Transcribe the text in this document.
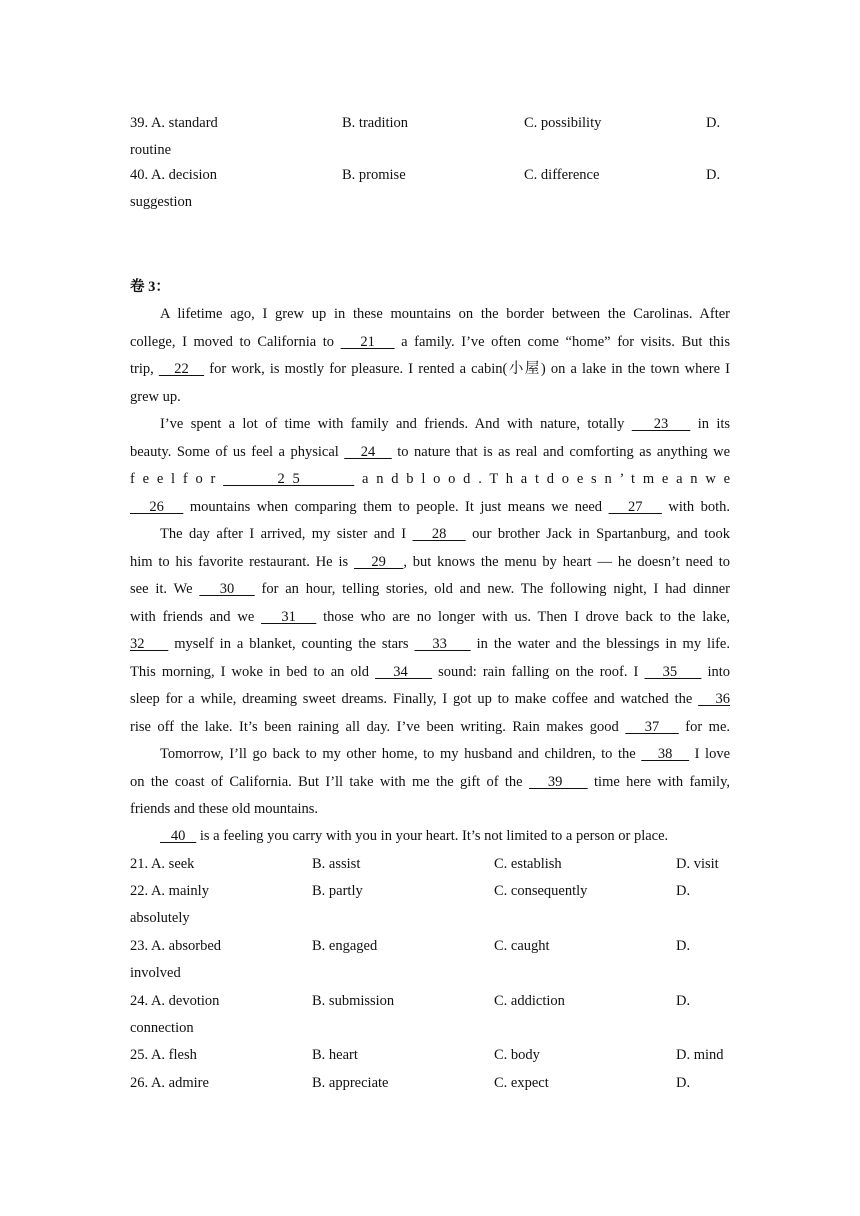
39. A. standard	B. tradition	C. possibility	D.
routine
40. A. decision	B. promise	C. difference	D.
suggestion
卷 3：
A lifetime ago, I grew up in these mountains on the border between the Carolinas. After
college, I moved to California to    21    a family. I’ve often come “home” for visits. But this
trip,    22    for work, is mostly for pleasure. I rented a cabin(小屋) on a lake in the town where I
grew up.
I’ve spent a lot of time with family and friends. And with nature, totally    23    in its
beauty. Some of us feel a physical    24    to nature that is as real and comforting as anything we
f e e l f o r        2 5        a n d b l o o d . T h a t d o e s n ’ t m e a n w e
26    mountains when comparing them to people. It just means we need    27    with both.
The day after I arrived, my sister and I    28    our brother Jack in Spartanburg, and took
him to his favorite restaurant. He is    29   , but knows the menu by heart — he doesn’t need to
see it. We    30    for an hour, telling stories, old and new. The following night, I had dinner
with friends and we    31    those who are no longer with us. Then I drove back to the lake,
32     myself in a blanket, counting the stars    33     in the water and the blessings in my life.
This morning, I woke in bed to an old    34     sound: rain falling on the roof. I    35     into
sleep for a while, dreaming sweet dreams. Finally, I got up to make coffee and watched the    36
rise off the lake. It’s been raining all day. I’ve been writing. Rain makes good    37    for me.
Tomorrow, I’ll go back to my other home, to my husband and children, to the    38    I love
on the coast of California. But I’ll take with me the gift of the    39     time here with family,
friends and these old mountains.
40    is a feeling you carry with you in your heart. It’s not limited to a person or place.
21. A. seek	B. assist	C. establish	D. visit
22. A. mainly	B. partly	C. consequently	D.
absolutely
23. A. absorbed	B. engaged	C. caught	D.
involved
24. A. devotion	B. submission	C. addiction	D.
connection
25. A. flesh	B. heart	C. body	D. mind
26. A. admire	B. appreciate	C. expect	D.
